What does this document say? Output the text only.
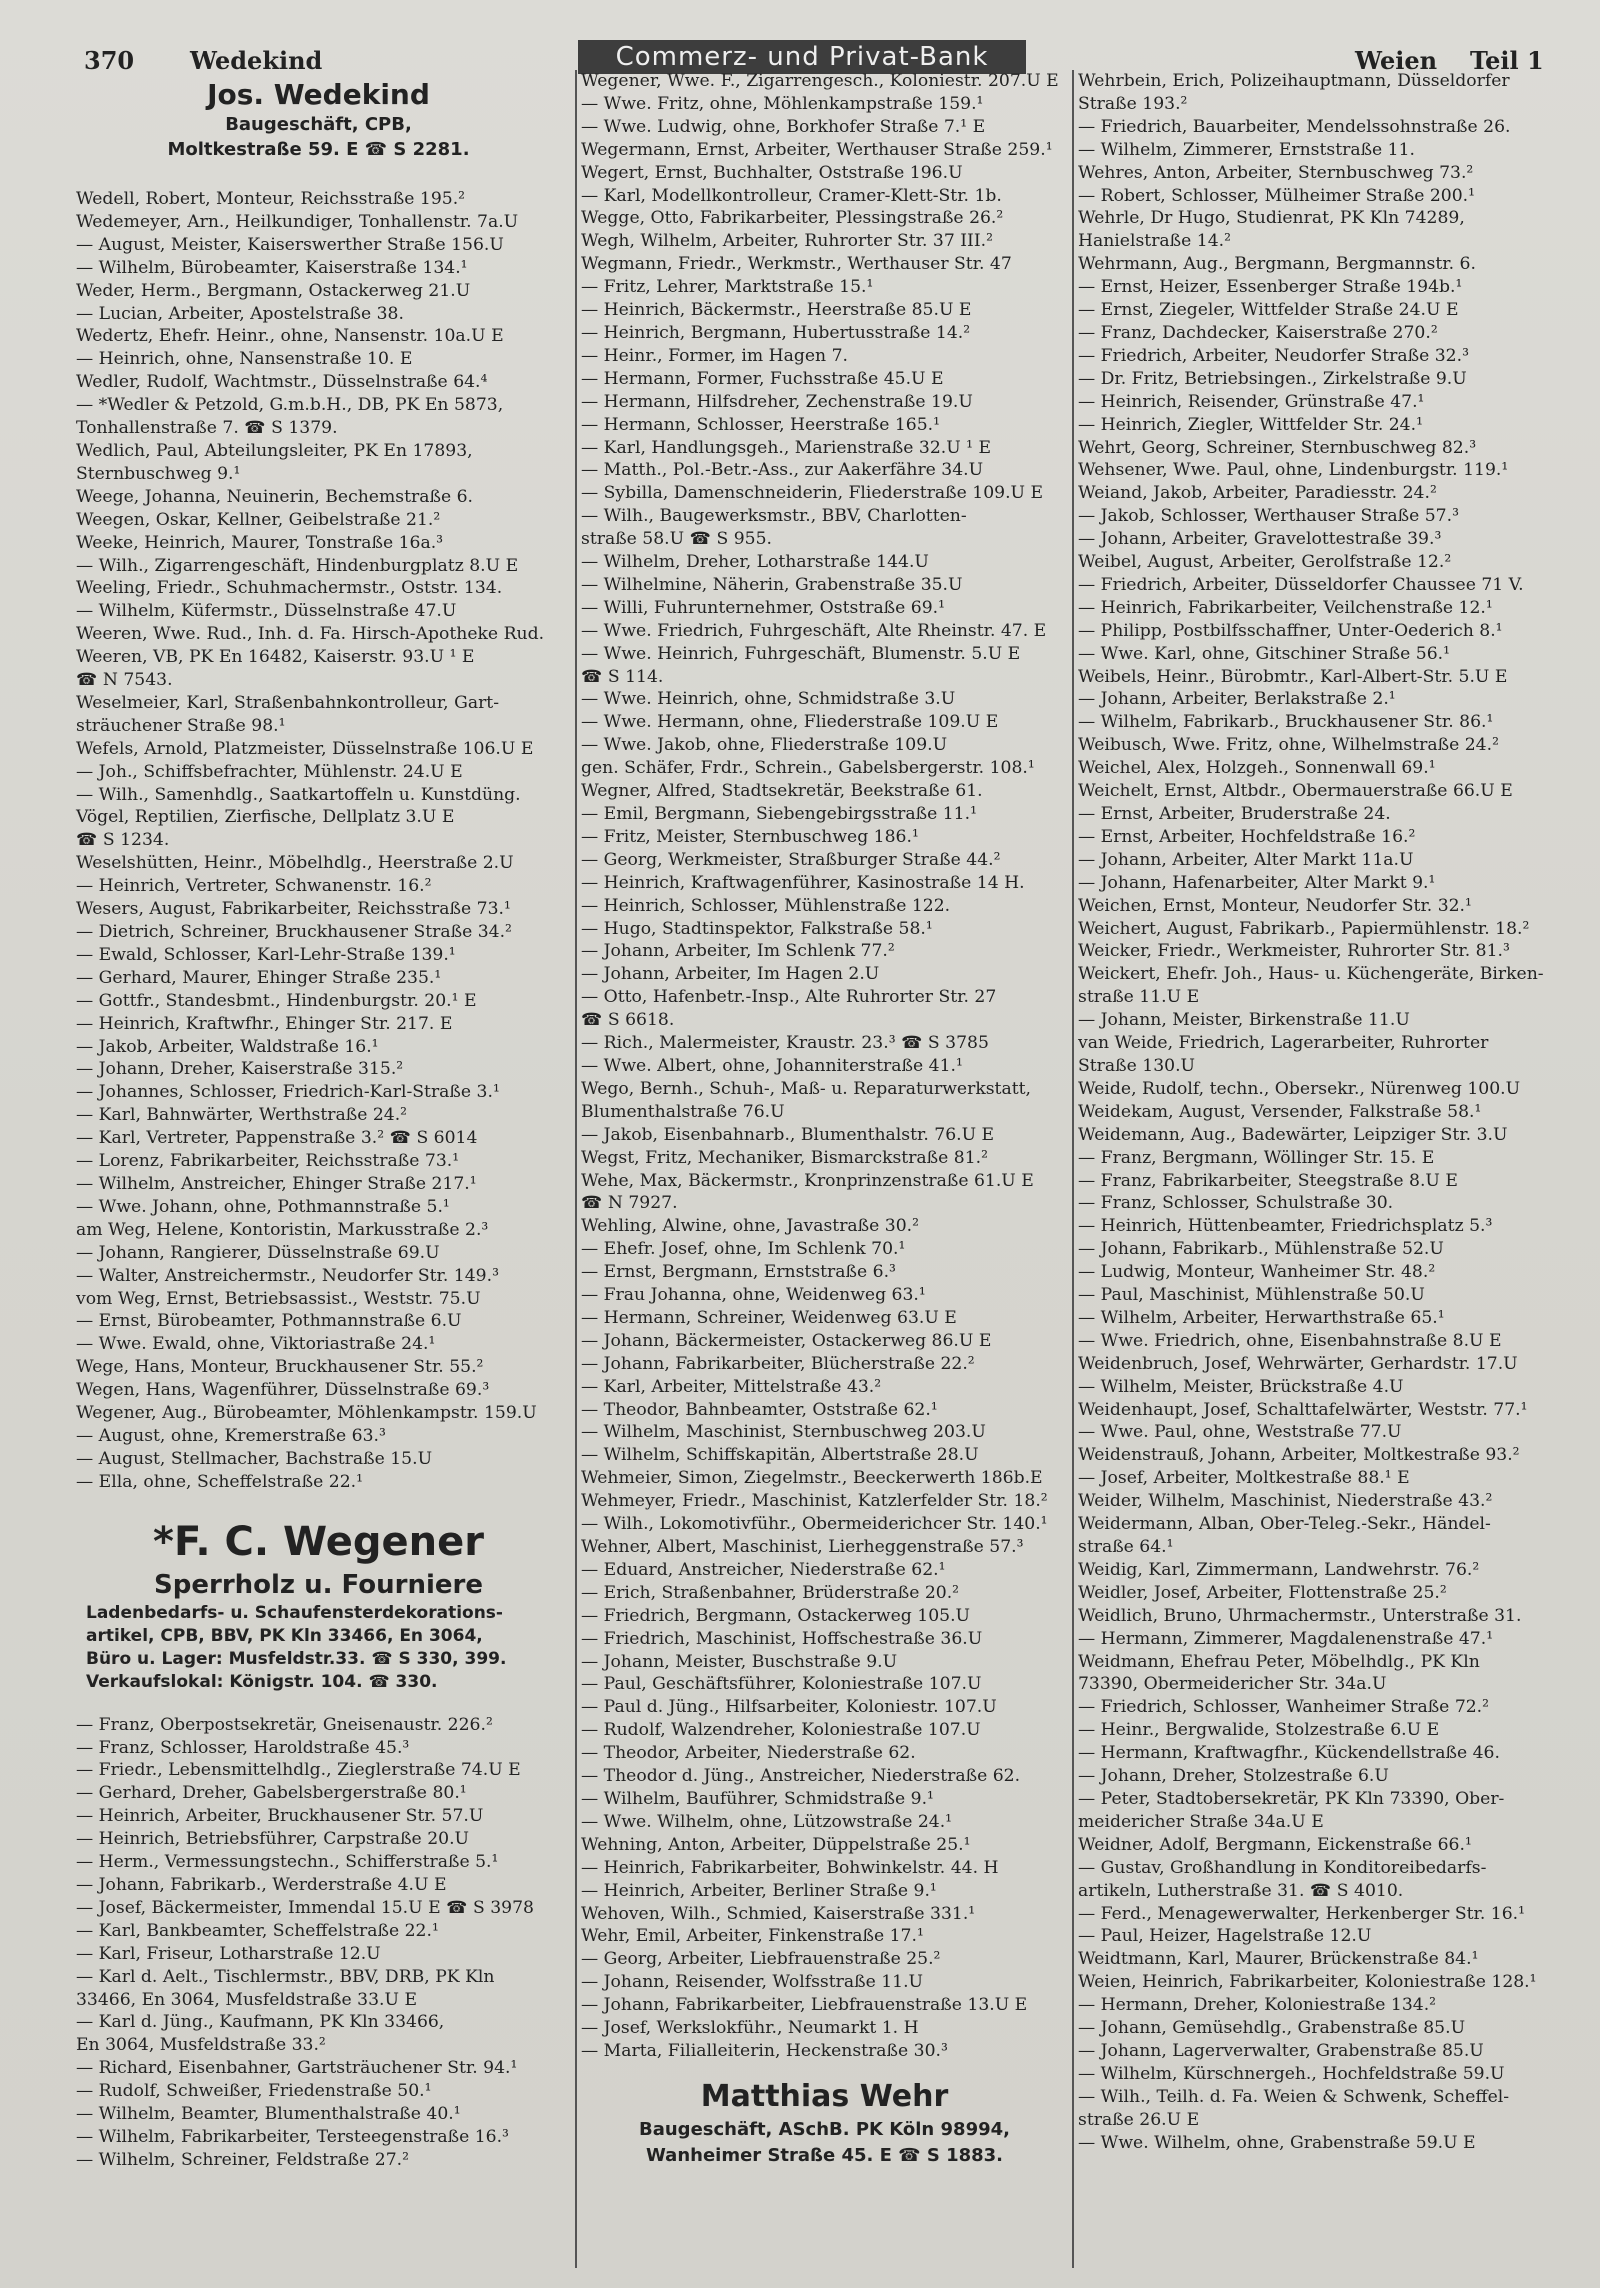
370 Wedekind	Commerz- und Privat-Bank	Weien Teil 1
Jos. Wedekind
Baugeschäft, CPB,
Moltkestraße 59. E ☎ S 2281.
Wedell, Robert, Monteur, Reichsstraße 195.²
Wedemeyer, Arn., Heilkundiger, Tonhallenstr. 7a.U
— August, Meister, Kaiserswerther Straße 156.U
— Wilhelm, Bürobeamter, Kaiserstraße 134.¹
Weder, Herm., Bergmann, Ostackerweg 21.U
— Lucian, Arbeiter, Apostelstraße 38.
Wedertz, Ehefr. Heinr., ohne, Nansenstr. 10a.U E
— Heinrich, ohne, Nansenstraße 10. E
Wedler, Rudolf, Wachtmstr., Düsselnstraße 64.⁴
— *Wedler & Petzold, G.m.b.H., DB, PK En 5873,
Tonhallenstraße 7. ☎ S 1379.
Wedlich, Paul, Abteilungsleiter, PK En 17893,
Sternbuschweg 9.¹
Weege, Johanna, Neuinerin, Bechemstraße 6.
Weegen, Oskar, Kellner, Geibelstraße 21.²
Weeke, Heinrich, Maurer, Tonstraße 16a.³
— Wilh., Zigarrengeschäft, Hindenburgplatz 8.U E
Weeling, Friedr., Schuhmachermstr., Oststr. 134.
— Wilhelm, Küfermstr., Düsselnstraße 47.U
Weeren, Wwe. Rud., Inh. d. Fa. Hirsch-Apotheke Rud.
Weeren, VB, PK En 16482, Kaiserstr. 93.U ¹ E
☎ N 7543.
Weselmeier, Karl, Straßenbahnkontrolleur, Gart-
sträuchener Straße 98.¹
Wefels, Arnold, Platzmeister, Düsselnstraße 106.U E
— Joh., Schiffsbefrachter, Mühlenstr. 24.U E
— Wilh., Samenhdlg., Saatkartoffeln u. Kunstdüng.
Vögel, Reptilien, Zierfische, Dellplatz 3.U E
☎ S 1234.
Weselshütten, Heinr., Möbelhdlg., Heerstraße 2.U
— Heinrich, Vertreter, Schwanenstr. 16.²
Wesers, August, Fabrikarbeiter, Reichsstraße 73.¹
— Dietrich, Schreiner, Bruckhausener Straße 34.²
— Ewald, Schlosser, Karl-Lehr-Straße 139.¹
— Gerhard, Maurer, Ehinger Straße 235.¹
— Gottfr., Standesbmt., Hindenburgstr. 20.¹ E
— Heinrich, Kraftwfhr., Ehinger Str. 217. E
— Jakob, Arbeiter, Waldstraße 16.¹
— Johann, Dreher, Kaiserstraße 315.²
— Johannes, Schlosser, Friedrich-Karl-Straße 3.¹
— Karl, Bahnwärter, Werthstraße 24.²
— Karl, Vertreter, Pappenstraße 3.² ☎ S 6014
— Lorenz, Fabrikarbeiter, Reichsstraße 73.¹
— Wilhelm, Anstreicher, Ehinger Straße 217.¹
— Wwe. Johann, ohne, Pothmannstraße 5.¹
am Weg, Helene, Kontoristin, Markusstraße 2.³
— Johann, Rangierer, Düsselnstraße 69.U
— Walter, Anstreichermstr., Neudorfer Str. 149.³
vom Weg, Ernst, Betriebsassist., Weststr. 75.U
— Ernst, Bürobeamter, Pothmannstraße 6.U
— Wwe. Ewald, ohne, Viktoriastraße 24.¹
Wege, Hans, Monteur, Bruckhausener Str. 55.²
Wegen, Hans, Wagenführer, Düsselnstraße 69.³
Wegener, Aug., Bürobeamter, Möhlenkampstr. 159.U
— August, ohne, Kremerstraße 63.³
— August, Stellmacher, Bachstraße 15.U
— Ella, ohne, Scheffelstraße 22.¹
*F. C. Wegener
Sperrholz u. Fourniere
Ladenbedarfs- u. Schaufensterdekorations-
artikel, CPB, BBV, PK Kln 33466, En 3064,
Büro u. Lager: Musfeldstr.33. ☎ S 330, 399.
Verkaufslokal: Königstr. 104. ☎ 330.
— Franz, Oberpostsekretär, Gneisenaustr. 226.²
— Franz, Schlosser, Haroldstraße 45.³
— Friedr., Lebensmittelhdlg., Zieglerstraße 74.U E
— Gerhard, Dreher, Gabelsbergerstraße 80.¹
— Heinrich, Arbeiter, Bruckhausener Str. 57.U
— Heinrich, Betriebsführer, Carpstraße 20.U
— Herm., Vermessungstechn., Schifferstraße 5.¹
— Johann, Fabrikarb., Werderstraße 4.U E
— Josef, Bäckermeister, Immendal 15.U E ☎ S 3978
— Karl, Bankbeamter, Scheffelstraße 22.¹
— Karl, Friseur, Lotharstraße 12.U
— Karl d. Aelt., Tischlermstr., BBV, DRB, PK Kln
33466, En 3064, Musfeldstraße 33.U E
— Karl d. Jüng., Kaufmann, PK Kln 33466,
En 3064, Musfeldstraße 33.²
— Richard, Eisenbahner, Gartsträuchener Str. 94.¹
— Rudolf, Schweißer, Friedenstraße 50.¹
— Wilhelm, Beamter, Blumenthalstraße 40.¹
— Wilhelm, Fabrikarbeiter, Tersteegenstraße 16.³
— Wilhelm, Schreiner, Feldstraße 27.²
Wegener, Wwe. F., Zigarrengesch., Koloniestr. 207.U E
— Wwe. Fritz, ohne, Möhlenkampstraße 159.¹
— Wwe. Ludwig, ohne, Borkhofer Straße 7.¹ E
Wegermann, Ernst, Arbeiter, Werthauser Straße 259.¹
Wegert, Ernst, Buchhalter, Oststraße 196.U
— Karl, Modellkontrolleur, Cramer-Klett-Str. 1b.
Wegge, Otto, Fabrikarbeiter, Plessingstraße 26.²
Wegh, Wilhelm, Arbeiter, Ruhrorter Str. 37 III.²
Wegmann, Friedr., Werkmstr., Werthauser Str. 47
— Fritz, Lehrer, Marktstraße 15.¹
— Heinrich, Bäckermstr., Heerstraße 85.U E
— Heinrich, Bergmann, Hubertusstraße 14.²
— Heinr., Former, im Hagen 7.
— Hermann, Former, Fuchsstraße 45.U E
— Hermann, Hilfsdreher, Zechenstraße 19.U
— Hermann, Schlosser, Heerstraße 165.¹
— Karl, Handlungsgeh., Marienstraße 32.U ¹ E
— Matth., Pol.-Betr.-Ass., zur Aakerfähre 34.U
— Sybilla, Damenschneiderin, Fliederstraße 109.U E
— Wilh., Baugewerksmstr., BBV, Charlotten-
straße 58.U ☎ S 955.
— Wilhelm, Dreher, Lotharstraße 144.U
— Wilhelmine, Näherin, Grabenstraße 35.U
— Willi, Fuhrunternehmer, Oststraße 69.¹
— Wwe. Friedrich, Fuhrgeschäft, Alte Rheinstr. 47. E
— Wwe. Heinrich, Fuhrgeschäft, Blumenstr. 5.U E
☎ S 114.
— Wwe. Heinrich, ohne, Schmidstraße 3.U
— Wwe. Hermann, ohne, Fliederstraße 109.U E
— Wwe. Jakob, ohne, Fliederstraße 109.U
gen. Schäfer, Frdr., Schrein., Gabelsbergerstr. 108.¹
Wegner, Alfred, Stadtsekretär, Beekstraße 61.
— Emil, Bergmann, Siebengebirgsstraße 11.¹
— Fritz, Meister, Sternbuschweg 186.¹
— Georg, Werkmeister, Straßburger Straße 44.²
— Heinrich, Kraftwagenführer, Kasinostraße 14 H.
— Heinrich, Schlosser, Mühlenstraße 122.
— Hugo, Stadtinspektor, Falkstraße 58.¹
— Johann, Arbeiter, Im Schlenk 77.²
— Johann, Arbeiter, Im Hagen 2.U
— Otto, Hafenbetr.-Insp., Alte Ruhrorter Str. 27
☎ S 6618.
— Rich., Malermeister, Kraustr. 23.³ ☎ S 3785
— Wwe. Albert, ohne, Johanniterstraße 41.¹
Wego, Bernh., Schuh-, Maß- u. Reparaturwerkstatt,
Blumenthalstraße 76.U
— Jakob, Eisenbahnarb., Blumenthalstr. 76.U E
Wegst, Fritz, Mechaniker, Bismarckstraße 81.²
Wehe, Max, Bäckermstr., Kronprinzenstraße 61.U E
☎ N 7927.
Wehling, Alwine, ohne, Javastraße 30.²
— Ehefr. Josef, ohne, Im Schlenk 70.¹
— Ernst, Bergmann, Ernststraße 6.³
— Frau Johanna, ohne, Weidenweg 63.¹
— Hermann, Schreiner, Weidenweg 63.U E
— Johann, Bäckermeister, Ostackerweg 86.U E
— Johann, Fabrikarbeiter, Blücherstraße 22.²
— Karl, Arbeiter, Mittelstraße 43.²
— Theodor, Bahnbeamter, Oststraße 62.¹
— Wilhelm, Maschinist, Sternbuschweg 203.U
— Wilhelm, Schiffskapitän, Albertstraße 28.U
Wehmeier, Simon, Ziegelmstr., Beeckerwerth 186b.E
Wehmeyer, Friedr., Maschinist, Katzlerfelder Str. 18.²
— Wilh., Lokomotivführ., Obermeiderichcer Str. 140.¹
Wehner, Albert, Maschinist, Lierheggenstraße 57.³
— Eduard, Anstreicher, Niederstraße 62.¹
— Erich, Straßenbahner, Brüderstraße 20.²
— Friedrich, Bergmann, Ostackerweg 105.U
— Friedrich, Maschinist, Hoffschestraße 36.U
— Johann, Meister, Buschstraße 9.U
— Paul, Geschäftsführer, Koloniestraße 107.U
— Paul d. Jüng., Hilfsarbeiter, Koloniestr. 107.U
— Rudolf, Walzendreher, Koloniestraße 107.U
— Theodor, Arbeiter, Niederstraße 62.
— Theodor d. Jüng., Anstreicher, Niederstraße 62.
— Wilhelm, Bauführer, Schmidstraße 9.¹
— Wwe. Wilhelm, ohne, Lützowstraße 24.¹
Wehning, Anton, Arbeiter, Düppelstraße 25.¹
— Heinrich, Fabrikarbeiter, Bohwinkelstr. 44. H
— Heinrich, Arbeiter, Berliner Straße 9.¹
Wehoven, Wilh., Schmied, Kaiserstraße 331.¹
Wehr, Emil, Arbeiter, Finkenstraße 17.¹
— Georg, Arbeiter, Liebfrauenstraße 25.²
— Johann, Reisender, Wolfsstraße 11.U
— Johann, Fabrikarbeiter, Liebfrauenstraße 13.U E
— Josef, Werkslokführ., Neumarkt 1. H
— Marta, Filialleiterin, Heckenstraße 30.³
Matthias Wehr
Baugeschäft, ASchB. PK Köln 98994,
Wanheimer Straße 45. E ☎ S 1883.
Wehrbein, Erich, Polizeihauptmann, Düsseldorfer
Straße 193.²
— Friedrich, Bauarbeiter, Mendelssohnstraße 26.
— Wilhelm, Zimmerer, Ernststraße 11.
Wehres, Anton, Arbeiter, Sternbuschweg 73.²
— Robert, Schlosser, Mülheimer Straße 200.¹
Wehrle, Dr Hugo, Studienrat, PK Kln 74289,
Hanielstraße 14.²
Wehrmann, Aug., Bergmann, Bergmannstr. 6.
— Ernst, Heizer, Essenberger Straße 194b.¹
— Ernst, Ziegeler, Wittfelder Straße 24.U E
— Franz, Dachdecker, Kaiserstraße 270.²
— Friedrich, Arbeiter, Neudorfer Straße 32.³
— Dr. Fritz, Betriebsingen., Zirkelstraße 9.U
— Heinrich, Reisender, Grünstraße 47.¹
— Heinrich, Ziegler, Wittfelder Str. 24.¹
Wehrt, Georg, Schreiner, Sternbuschweg 82.³
Wehsener, Wwe. Paul, ohne, Lindenburgstr. 119.¹
Weiand, Jakob, Arbeiter, Paradiesstr. 24.²
— Jakob, Schlosser, Werthauser Straße 57.³
— Johann, Arbeiter, Gravelottestraße 39.³
Weibel, August, Arbeiter, Gerolfstraße 12.²
— Friedrich, Arbeiter, Düsseldorfer Chaussee 71 V.
— Heinrich, Fabrikarbeiter, Veilchenstraße 12.¹
— Philipp, Postbilfsschaffner, Unter-Oederich 8.¹
— Wwe. Karl, ohne, Gitschiner Straße 56.¹
Weibels, Heinr., Bürobmtr., Karl-Albert-Str. 5.U E
— Johann, Arbeiter, Berlakstraße 2.¹
— Wilhelm, Fabrikarb., Bruckhausener Str. 86.¹
Weibusch, Wwe. Fritz, ohne, Wilhelmstraße 24.²
Weichel, Alex, Holzgeh., Sonnenwall 69.¹
Weichelt, Ernst, Altbdr., Obermauerstraße 66.U E
— Ernst, Arbeiter, Bruderstraße 24.
— Ernst, Arbeiter, Hochfeldstraße 16.²
— Johann, Arbeiter, Alter Markt 11a.U
— Johann, Hafenarbeiter, Alter Markt 9.¹
Weichen, Ernst, Monteur, Neudorfer Str. 32.¹
Weichert, August, Fabrikarb., Papiermühlenstr. 18.²
Weicker, Friedr., Werkmeister, Ruhrorter Str. 81.³
Weickert, Ehefr. Joh., Haus- u. Küchengeräte, Birken-
straße 11.U E
— Johann, Meister, Birkenstraße 11.U
van Weide, Friedrich, Lagerarbeiter, Ruhrorter
Straße 130.U
Weide, Rudolf, techn., Obersekr., Nürenweg 100.U
Weidekam, August, Versender, Falkstraße 58.¹
Weidemann, Aug., Badewärter, Leipziger Str. 3.U
— Franz, Bergmann, Wöllinger Str. 15. E
— Franz, Fabrikarbeiter, Steegstraße 8.U E
— Franz, Schlosser, Schulstraße 30.
— Heinrich, Hüttenbeamter, Friedrichsplatz 5.³
— Johann, Fabrikarb., Mühlenstraße 52.U
— Ludwig, Monteur, Wanheimer Str. 48.²
— Paul, Maschinist, Mühlenstraße 50.U
— Wilhelm, Arbeiter, Herwarthstraße 65.¹
— Wwe. Friedrich, ohne, Eisenbahnstraße 8.U E
Weidenbruch, Josef, Wehrwärter, Gerhardstr. 17.U
— Wilhelm, Meister, Brückstraße 4.U
Weidenhaupt, Josef, Schalttafelwärter, Weststr. 77.¹
— Wwe. Paul, ohne, Weststraße 77.U
Weidenstrauß, Johann, Arbeiter, Moltkestraße 93.²
— Josef, Arbeiter, Moltkestraße 88.¹ E
Weider, Wilhelm, Maschinist, Niederstraße 43.²
Weidermann, Alban, Ober-Teleg.-Sekr., Händel-
straße 64.¹
Weidig, Karl, Zimmermann, Landwehrstr. 76.²
Weidler, Josef, Arbeiter, Flottenstraße 25.²
Weidlich, Bruno, Uhrmachermstr., Unterstraße 31.
— Hermann, Zimmerer, Magdalenenstraße 47.¹
Weidmann, Ehefrau Peter, Möbelhdlg., PK Kln
73390, Obermeidericher Str. 34a.U
— Friedrich, Schlosser, Wanheimer Straße 72.²
— Heinr., Bergwalide, Stolzestraße 6.U E
— Hermann, Kraftwagfhr., Kückendellstraße 46.
— Johann, Dreher, Stolzestraße 6.U
— Peter, Stadtobersekretär, PK Kln 73390, Ober-
meidericher Straße 34a.U E
Weidner, Adolf, Bergmann, Eickenstraße 66.¹
— Gustav, Großhandlung in Konditoreibedarfs-
artikeln, Lutherstraße 31. ☎ S 4010.
— Ferd., Menagewerwalter, Herkenberger Str. 16.¹
— Paul, Heizer, Hagelstraße 12.U
Weidtmann, Karl, Maurer, Brückenstraße 84.¹
Weien, Heinrich, Fabrikarbeiter, Koloniestraße 128.¹
— Hermann, Dreher, Koloniestraße 134.²
— Johann, Gemüsehdlg., Grabenstraße 85.U
— Johann, Lagerverwalter, Grabenstraße 85.U
— Wilhelm, Kürschnergeh., Hochfeldstraße 59.U
— Wilh., Teilh. d. Fa. Weien & Schwenk, Scheffel-
straße 26.U E
— Wwe. Wilhelm, ohne, Grabenstraße 59.U E
